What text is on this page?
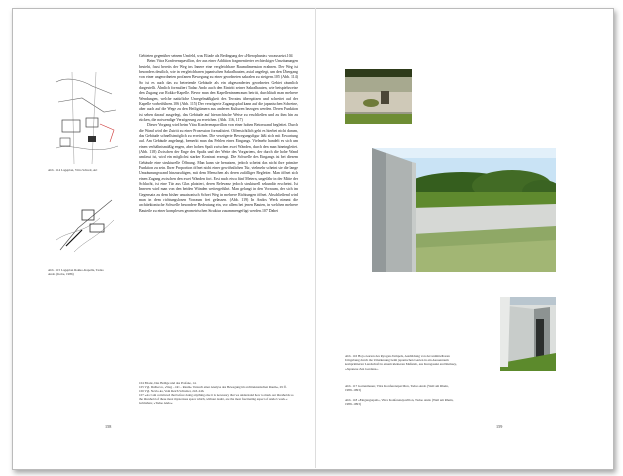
Abb. 114 Lageplan, Vitra Schreit, Art
Abb. 115 Lageplan Rokko-Kapelle, Tadao Ando (Kobe, 1986)

Gebieten gegenüber seinem Umfeld, was Eliade als Bedingung der »Hierophanie« voraussetzt.104

Beim Vitra Konferenzpavillon, der aus einer Addition fragmentierter rechteckiger Umzäunungen besteht, fasst bereits der Weg ins Innere eine vergleichbare Raumdimension erahnen. Der Weg ist besonders deutlich, wie in vergleichbaren japanischen Sakralbauten, axial angelegt, um den Übergang von einer ungeordneten profanen Bewegung zu einer geordneten sakralen zu steigern.105 (Abb. 114) So ist es auch das zu betretende Gebäude als ein abgesondertes geordnetes Gebiet räumlich dargestellt. Ähnlich formuliert Tadao Ando auch den Eintritt seiner Sakralbauten, wie beispielsweise den Zugang zur Rokko-Kapelle. Bevor man den Kapelleninnenraum betritt, durchläuft man mehrere Wendungen, welche natürliche Unregelmäßigkeit des Terrains überspitzen und schreitet auf der Kapelle vorbeiführen.106 (Abb. 115) Der verzögerte Zugangspfad kann auf die japanischen Schreine, aber auch auf die Wege zu den Heiligtümern aus anderen Kulturen bezogen werden. Deren Funktion ist sehen darauf ausgelegt, das Gebäude auf hierarchische Weise zu erschließen und zu ihm hin zu rücken, die notwendige Verzögerung zu erreichen. (Abb. 116, 117)

Dieser Vorgang wird beim Vitra Konferenzpavillon von einer hohen Betonwand begleitet. Durch die Wand wird der Zutritt zu einer Prozession formalisiert. Offensichtlich geht es hierbei nicht darum, das Gebäude schnellstmöglich zu erreichen. Die verzögerte Bewegungsfigur läßt sich mit Erwartung auf. Am Gebäude angelangt, bemerkt man das Fehlen eines Eingangs. Vielmehr handelt es sich um einen verhältnismäßig engen, aber hohen Spalt zwischen zwei Wänden, durch den man hineingleitet. (Abb. 118) Zwischen der Enge des Spalts und der Weite des Vorgartens, der durch die hohe Wand umfasst ist, wird ein möglichst starker Kontrast erzeugt. Die Schwelle des Eingangs ist bei diesem Gebäude eine strukturelle Öffnung. Man kann sie benutzen, jedoch scheint das nicht ihre primäre Funktion zu sein. Ihrer Proportion öffnet nicht einer gewöhnlichen Tür, vielmehr scheint sie die lange Umzäunungswand hinzuzufügen, mit dem Menschen als deren zufälliger Begleiter. Man öffnet sich einen Zugang zwischen den zwei Wänden fort. Erst nach etwa fünf Metern, ungefähr in der Mitte der Schlucht, ist eine Tür aus Glas platziert, deren Relevanz jedoch strukturell sekundär erscheint. Ist Inneren wird man von den beiden Wänden weitergeführt. Man gelangt in den Vorraum, der sich im Gegensatz zu dem bisher unsaisonisch Schrei Weg in mehrere Richtungen öffnet. Abschließend wird man in dem richtungslosen Vorraum frei gelassen. (Abb. 119) In Andos Werk nimmt die architektonische Schwelle besondere Bedeutung ein, vor allem bei jenen Bauten, in welchen mehrere Bauteile zu einer komplexen geometrischen Struktur zusammengefügt werden.107 Dabei

104 Eliade, Das Heilige und das Profane, 14.
105 Vgl. Dulbecco, »Weg – Ort – Raum« Versuch einer Analyse des Bewegung im architektonischen Raum«, 29 ff.
106 Vgl. Nevlo-ka, Vom Reich Schreiter, 243–246.
107 »As I am convinced that before doing anything else it is necessary that we understand how to mark our thresholds so the threshold of these most mysterious space which, without doubt, are the most fascinating aspect of Ando's work.« Grimshaw, »Tadao Ando«.
158
Abb. 116 Hojo-Garten des Ryogen-Tempels, Ausbildung von der unmittelbaren Umgebung durch die Umzäunung beim japanischen Garten in ein Aussenraum komprimierter Landschaft in einem kleineren Maßstab, aus Kuragasaki and Rumsey, »Japanese Zen Gardens«.
Abb. 117 Gartenmauer, Vitra Konferenzpavillon, Tadao Ando (Weil am Rhein, 1989–1993)
Abb. 118 »Eingangsspalt«, Vitra Konferenzpavillon, Tadao Ando (Weil am Rhein, 1989–1993)
159
